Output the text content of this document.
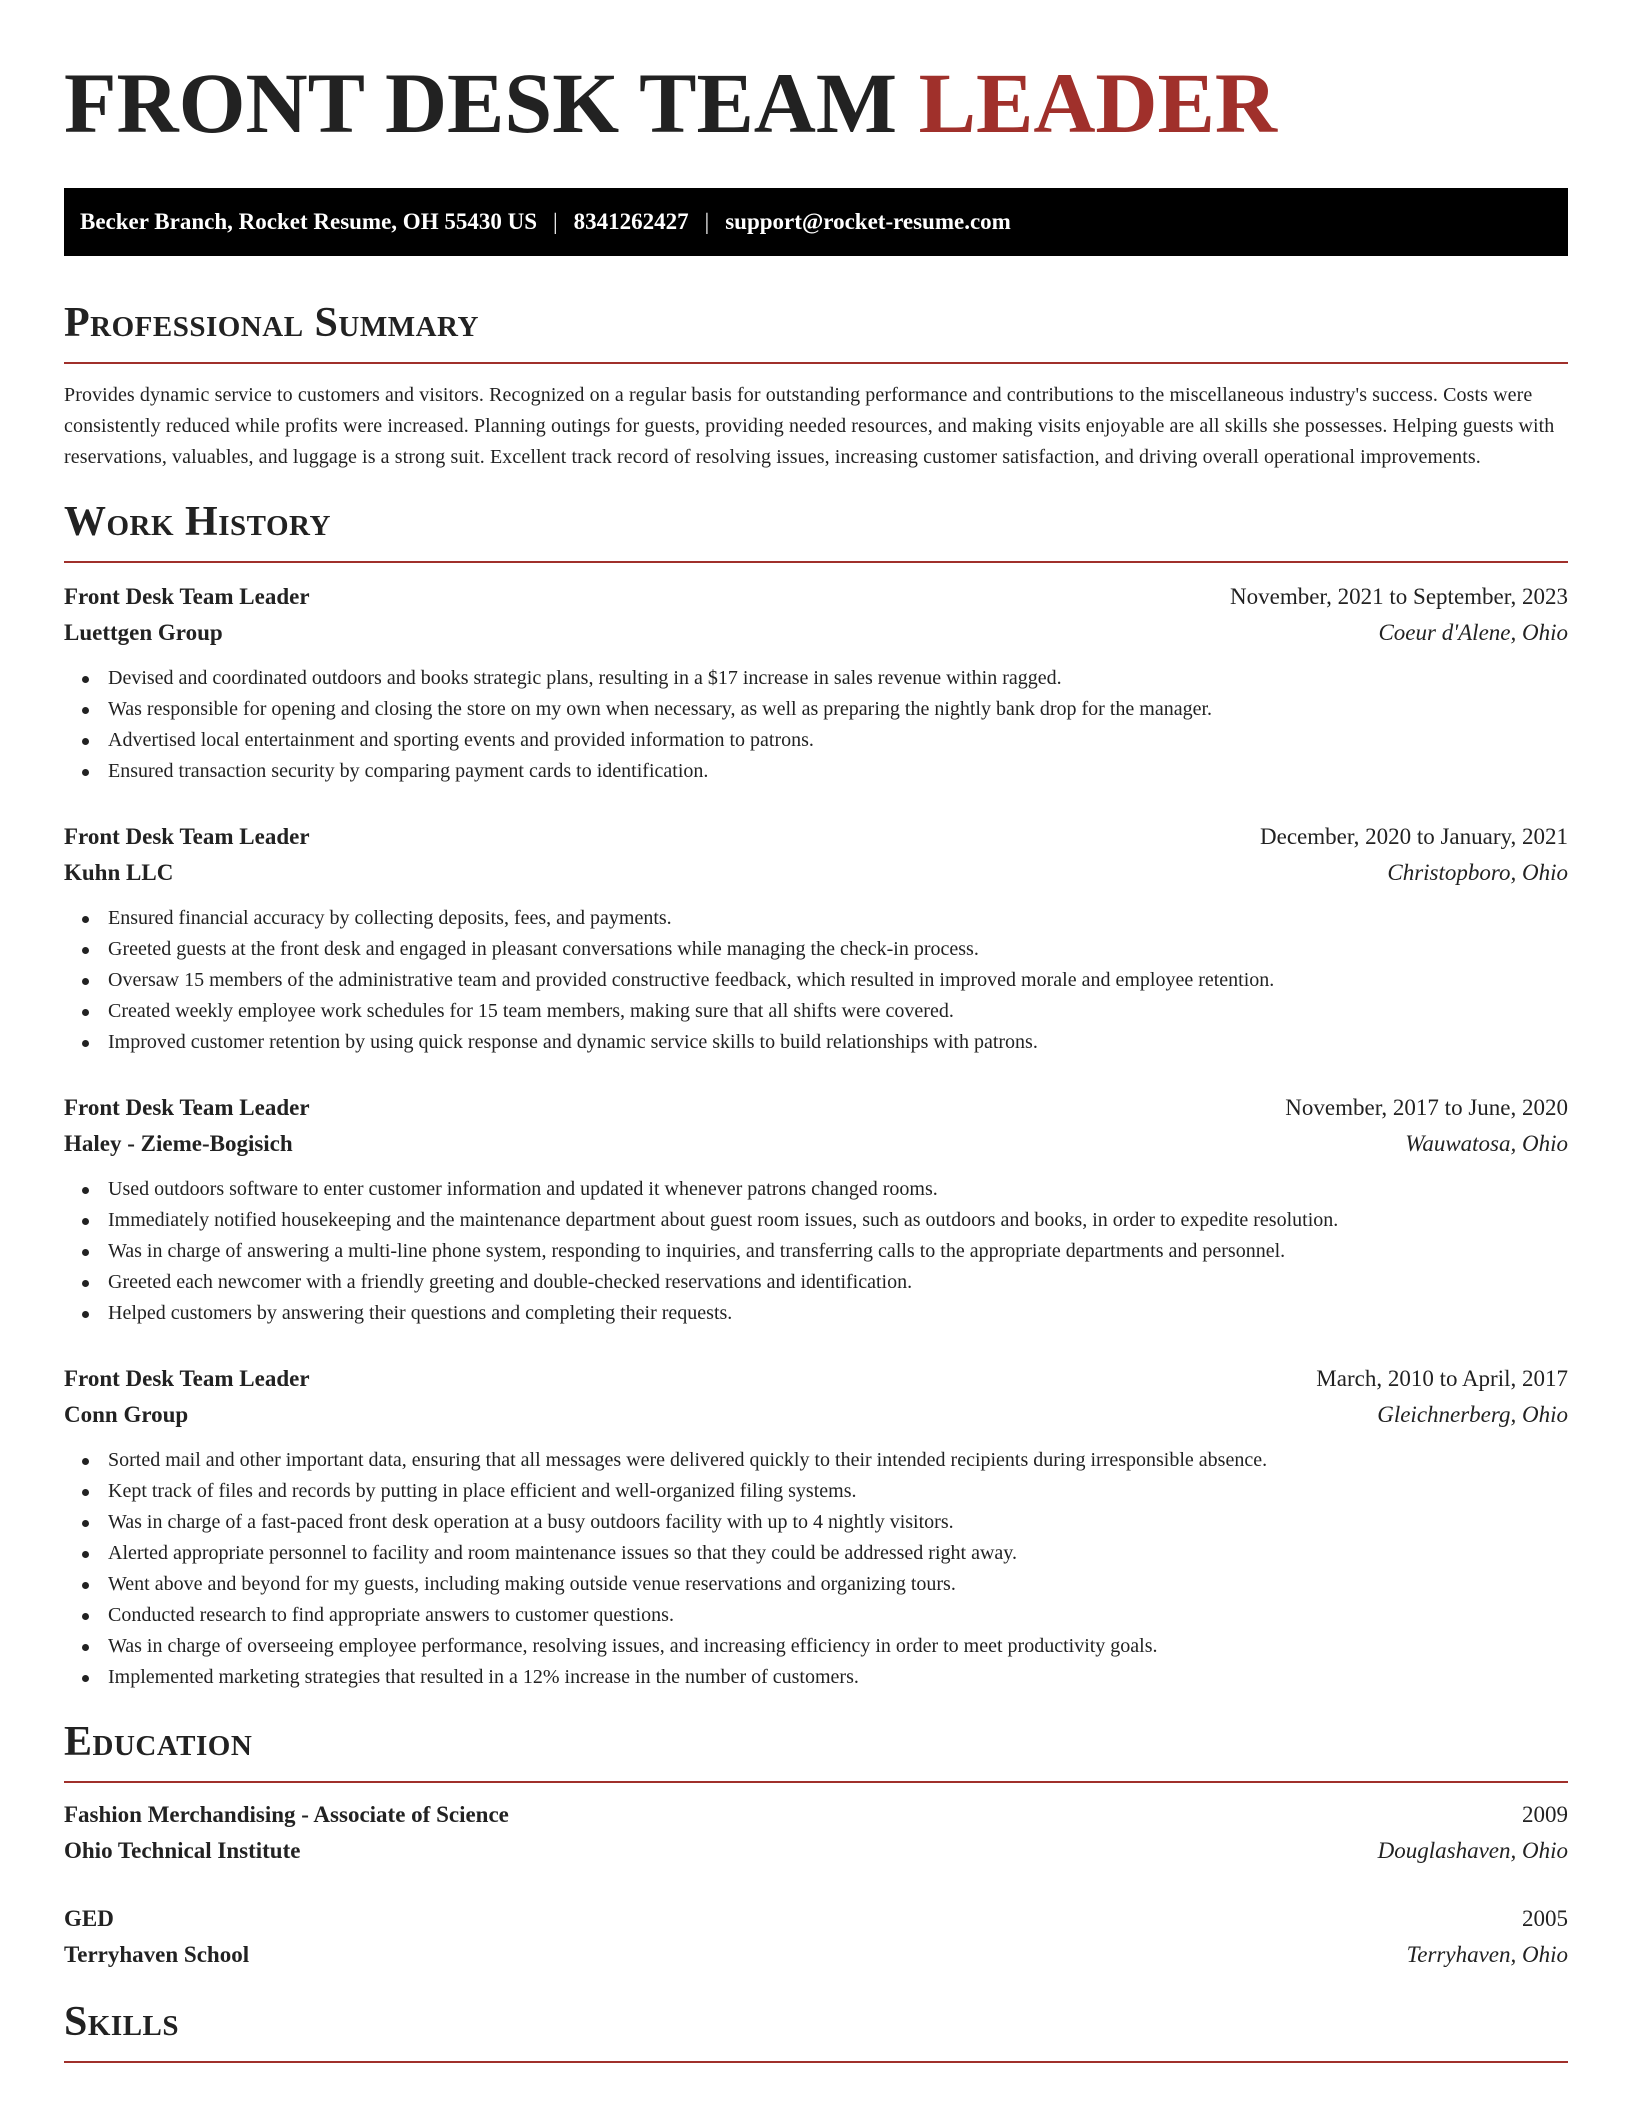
FRONT DESK TEAM LEADER
Becker Branch, Rocket Resume, OH 55430 US | 8341262427 | support@rocket-resume.com
Professional Summary

Provides dynamic service to customers and visitors. Recognized on a regular basis for outstanding performance and contributions to the miscellaneous industry's success. Costs were consistently reduced while profits were increased. Planning outings for guests, providing needed resources, and making visits enjoyable are all skills she possesses. Helping guests with reservations, valuables, and luggage is a strong suit. Excellent track record of resolving issues, increasing customer satisfaction, and driving overall operational improvements.

Work History
Front Desk Team Leader	November, 2021 to September, 2023
Luettgen Group	Coeur d'Alene, Ohio
Devised and coordinated outdoors and books strategic plans, resulting in a $17 increase in sales revenue within ragged.
Was responsible for opening and closing the store on my own when necessary, as well as preparing the nightly bank drop for the manager.
Advertised local entertainment and sporting events and provided information to patrons.
Ensured transaction security by comparing payment cards to identification.
Front Desk Team Leader	December, 2020 to January, 2021
Kuhn LLC	Christopboro, Ohio
Ensured financial accuracy by collecting deposits, fees, and payments.
Greeted guests at the front desk and engaged in pleasant conversations while managing the check-in process.
Oversaw 15 members of the administrative team and provided constructive feedback, which resulted in improved morale and employee retention.
Created weekly employee work schedules for 15 team members, making sure that all shifts were covered.
Improved customer retention by using quick response and dynamic service skills to build relationships with patrons.
Front Desk Team Leader	November, 2017 to June, 2020
Haley - Zieme-Bogisich	Wauwatosa, Ohio
Used outdoors software to enter customer information and updated it whenever patrons changed rooms.
Immediately notified housekeeping and the maintenance department about guest room issues, such as outdoors and books, in order to expedite resolution.
Was in charge of answering a multi-line phone system, responding to inquiries, and transferring calls to the appropriate departments and personnel.
Greeted each newcomer with a friendly greeting and double-checked reservations and identification.
Helped customers by answering their questions and completing their requests.
Front Desk Team Leader	March, 2010 to April, 2017
Conn Group	Gleichnerberg, Ohio
Sorted mail and other important data, ensuring that all messages were delivered quickly to their intended recipients during irresponsible absence.
Kept track of files and records by putting in place efficient and well-organized filing systems.
Was in charge of a fast-paced front desk operation at a busy outdoors facility with up to 4 nightly visitors.
Alerted appropriate personnel to facility and room maintenance issues so that they could be addressed right away.
Went above and beyond for my guests, including making outside venue reservations and organizing tours.
Conducted research to find appropriate answers to customer questions.
Was in charge of overseeing employee performance, resolving issues, and increasing efficiency in order to meet productivity goals.
Implemented marketing strategies that resulted in a 12% increase in the number of customers.
Education
Fashion Merchandising - Associate of Science	2009
Ohio Technical Institute	Douglashaven, Ohio
GED	2005
Terryhaven School	Terryhaven, Ohio
Skills
